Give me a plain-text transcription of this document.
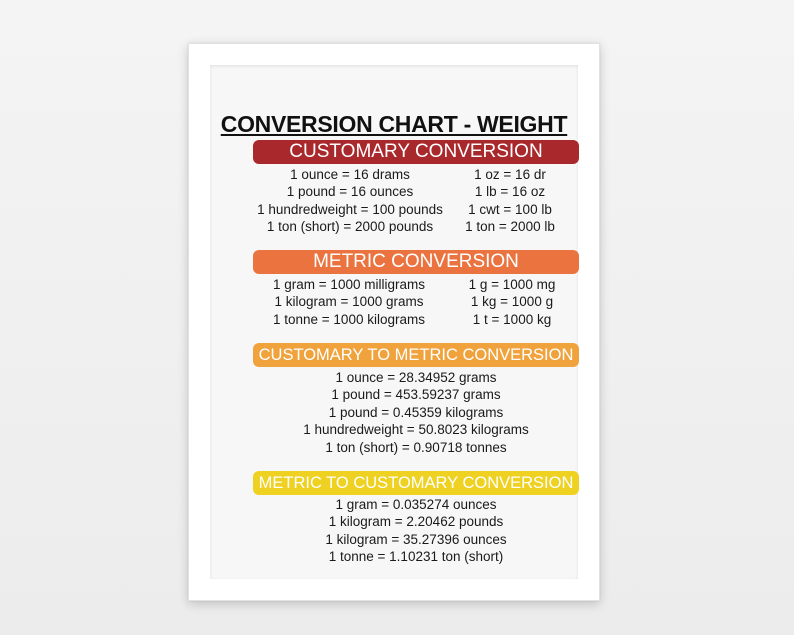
CONVERSION CHART - WEIGHT
CUSTOMARY CONVERSION
1 ounce = 16 drams
1 pound = 16 ounces
1 hundredweight = 100 pounds
1 ton (short) = 2000 pounds
1 oz = 16 dr
1 lb = 16 oz
1 cwt = 100 lb
1 ton = 2000 lb
METRIC CONVERSION
1 gram = 1000 milligrams
1 kilogram = 1000 grams
1 tonne = 1000 kilograms
1 g = 1000 mg
1 kg = 1000 g
1 t = 1000 kg
CUSTOMARY TO METRIC CONVERSION
1 ounce = 28.34952 grams
1 pound = 453.59237 grams
1 pound = 0.45359 kilograms
1 hundredweight = 50.8023 kilograms
1 ton (short) = 0.90718 tonnes
METRIC TO CUSTOMARY CONVERSION
1 gram = 0.035274 ounces
1 kilogram = 2.20462 pounds
1 kilogram = 35.27396 ounces
1 tonne = 1.10231 ton (short)
